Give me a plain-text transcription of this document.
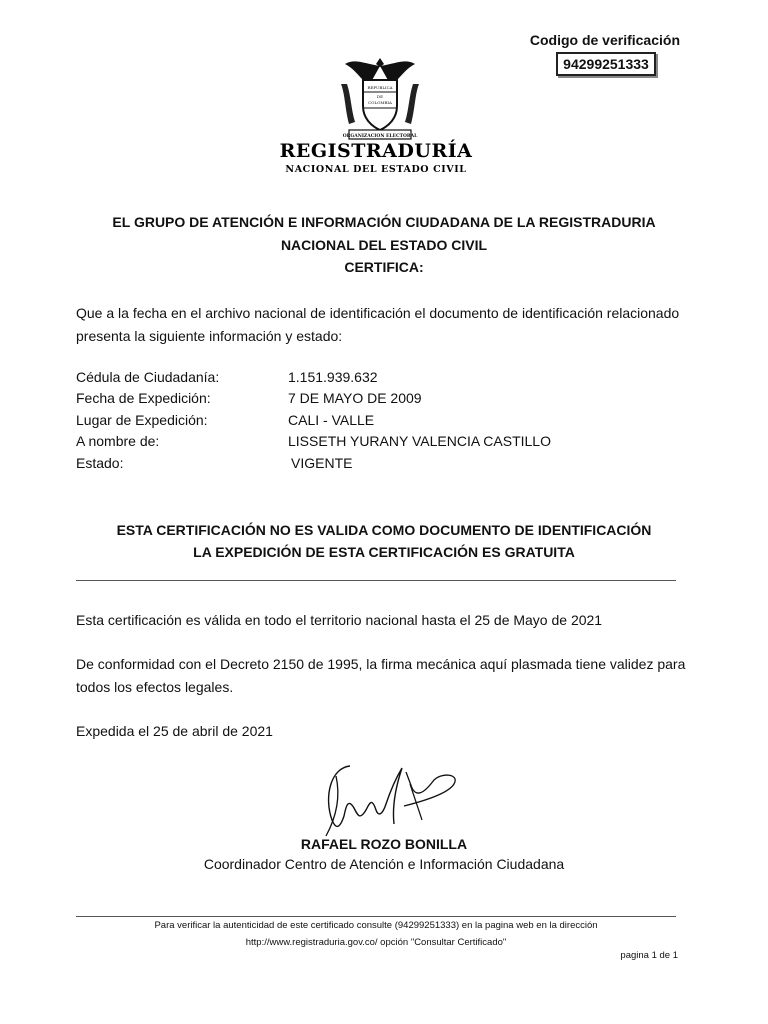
Codigo de verificación
94299251333
REPUBLICA
DE
COLOMBIA
ORGANIZACION ELECTORAL
REGISTRADURÍA
NACIONAL DEL ESTADO CIVIL
EL GRUPO DE ATENCIÓN E INFORMACIÓN CIUDADANA DE LA REGISTRADURIA
NACIONAL DEL ESTADO CIVIL
CERTIFICA:
Que a la fecha en el archivo nacional de identificación el documento de identificación relacionado presenta la siguiente información y estado:
Cédula de Ciudadanía:	1.151.939.632
Fecha de Expedición:	7 DE MAYO DE 2009
Lugar de Expedición:	CALI - VALLE
A nombre de:	LISSETH YURANY VALENCIA CASTILLO
Estado:	VIGENTE
ESTA CERTIFICACIÓN NO ES VALIDA COMO DOCUMENTO DE IDENTIFICACIÓN
LA EXPEDICIÓN DE ESTA CERTIFICACIÓN ES GRATUITA
Esta certificación es válida en todo el territorio nacional hasta el 25 de Mayo de 2021
De conformidad con el Decreto 2150 de 1995, la firma mecánica aquí plasmada tiene validez para todos los efectos legales.
Expedida el 25 de abril de 2021
RAFAEL ROZO BONILLA
Coordinador Centro de Atención e Información Ciudadana
Para verificar la autenticidad de este certificado consulte (94299251333) en la pagina web en la dirección
http://www.registraduria.gov.co/ opción "Consultar Certificado"
pagina 1 de 1
